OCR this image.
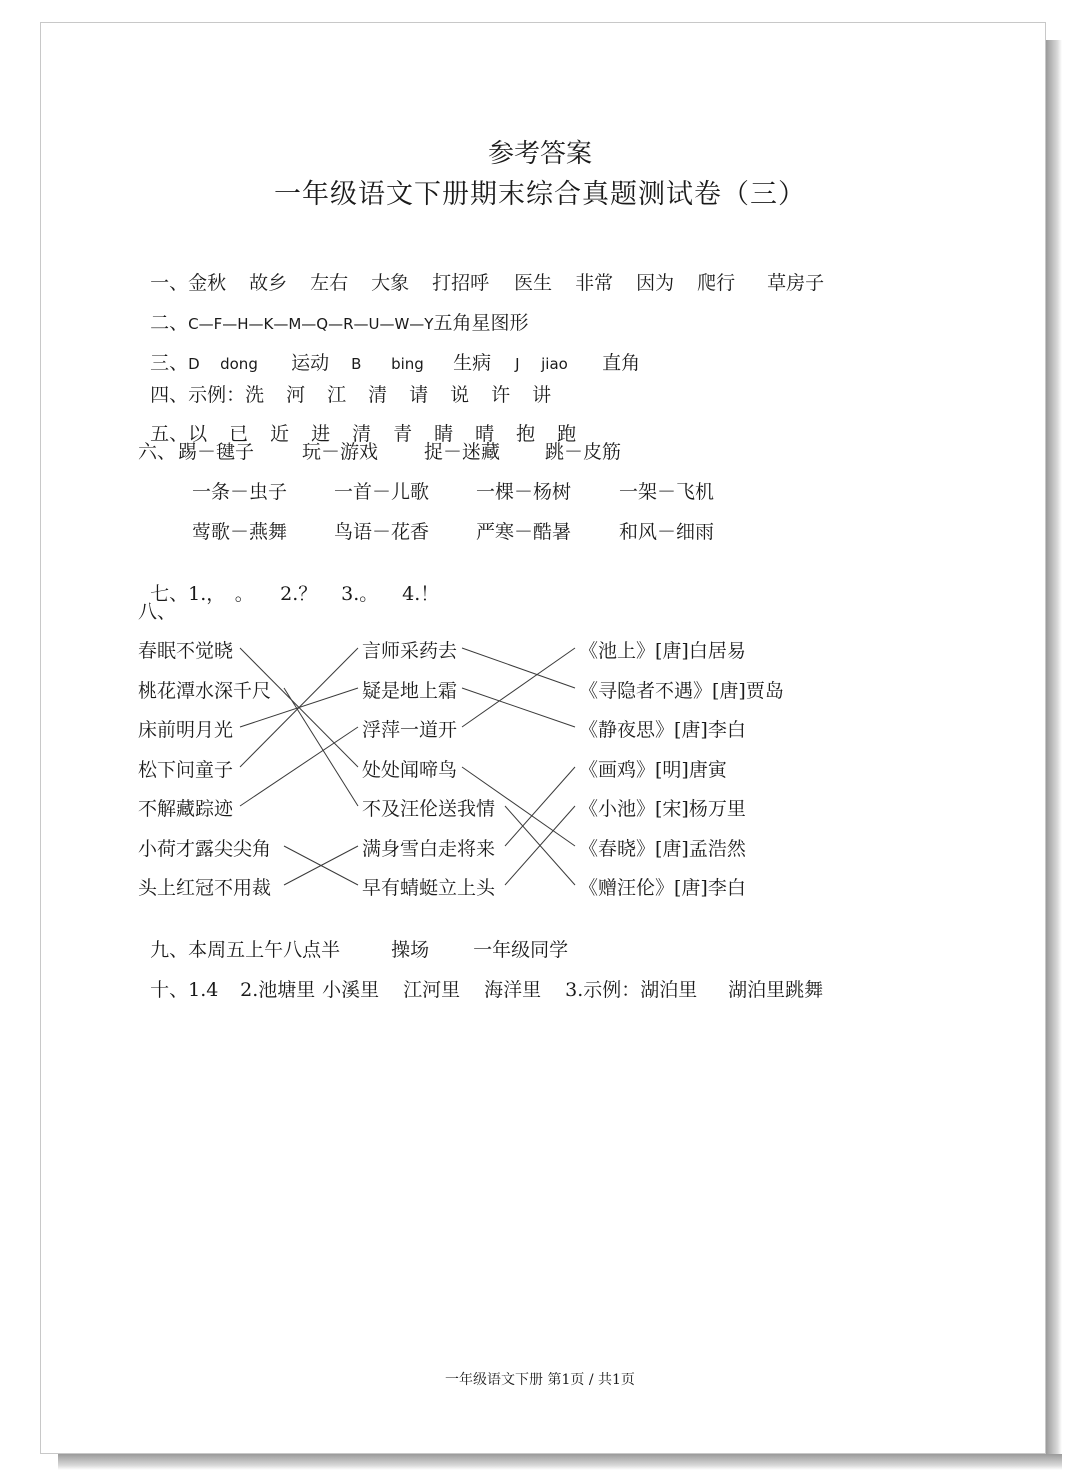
参考答案
一年级语文下册期末综合真题测试卷（三）

一、金秋 故乡 左右 大象 打招呼 医生 非常 因为 爬行 草房子

二、C—F—H—K—M—Q—R—U—W—Y五角星图形

三、D dong 运动 B bing 生病 J jiao 直角

四、示例：洗 河 江 清 请 说 许 讲

五、以 已 近 进 清 青 睛 晴 抱 跑

六、 踢－毽子	玩－游戏 捉－迷藏 跳－皮筋
一条－虫子 一首－儿歌 一棵－杨树	一架－飞机
莺歌－燕舞 鸟语－花香 严寒－酷暑	和风－细雨

七、1.，　。 2.？ 3.。 4.！

八、
春眠不觉晓
桃花潭水深千尺
床前明月光
松下问童子
不解藏踪迹
小荷才露尖尖角
头上红冠不用裁
言师采药去
疑是地上霜
浮萍一道开
处处闻啼鸟
不及汪伦送我情
满身雪白走将来
早有蜻蜓立上头
《池上》[唐]白居易
《寻隐者不遇》[唐]贾岛
《静夜思》[唐]李白
《画鸡》[明]唐寅
《小池》[宋]杨万里
《春晓》[唐]孟浩然
《赠汪伦》[唐]李白

九、本周五上午八点半	操场 一年级同学

十、1.4 2.池塘里 小溪里 江河里 海洋里 3.示例：湖泊里 湖泊里跳舞

一年级语文下册 第1页 / 共1页
